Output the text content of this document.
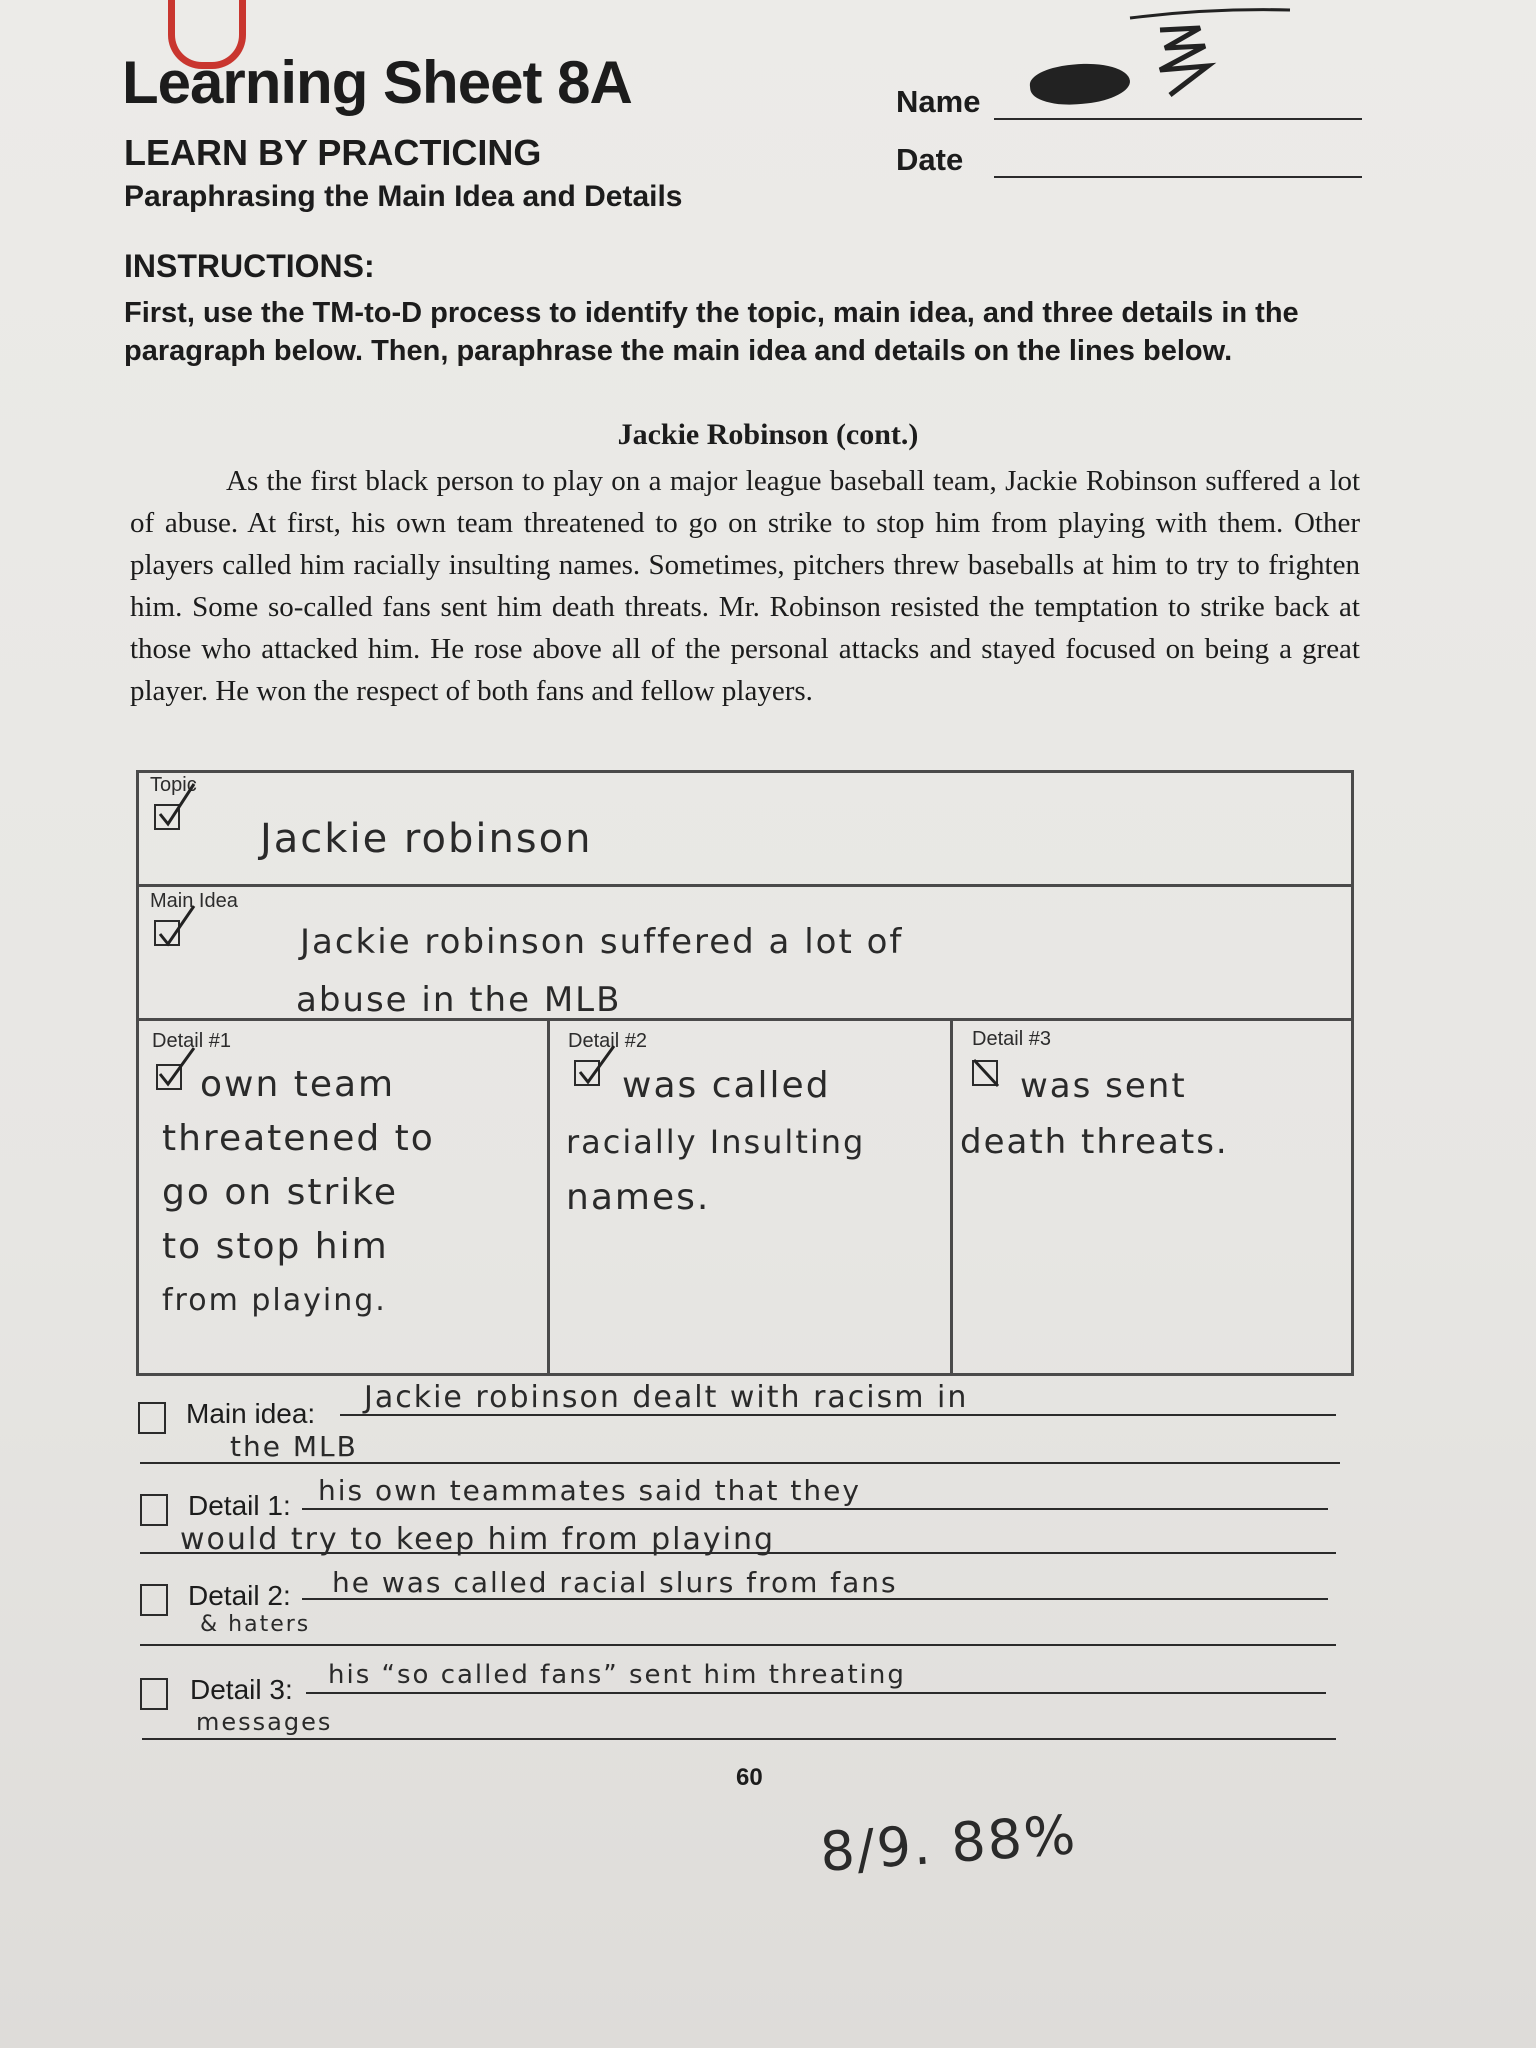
Learning Sheet 8A
LEARN BY PRACTICING
Paraphrasing the Main Idea and Details
Name
Date
INSTRUCTIONS:
First, use the TM-to-D process to identify the topic, main idea, and three details in the paragraph below. Then, paraphrase the main idea and details on the lines below.
Jackie Robinson (cont.)
As the first black person to play on a major league baseball team, Jackie Robinson suffered a lot of abuse. At first, his own team threatened to go on strike to stop him from playing with them. Other players called him racially insulting names. Sometimes, pitchers threw baseballs at him to try to frighten him. Some so-called fans sent him death threats. Mr. Robinson resisted the temptation to strike back at those who attacked him. He rose above all of the personal attacks and stayed focused on being a great player. He won the respect of both fans and fellow players.
Topic
Jackie robinson
Main Idea
Jackie robinson suffered a lot of
abuse in the MLB
Detail #1
own team
threatened to
go on strike
to stop him
from playing.
Detail #2
was called
racially Insulting
names.
Detail #3
was sent
death threats.
Main idea: Jackie robinson dealt with racism in
the MLB
Detail 1: his own teammates said that they
would try to keep him from playing
Detail 2: he was called racial slurs from fans
& haters
Detail 3: his “so called fans” sent him threating
messages
60
8/9. 88%
